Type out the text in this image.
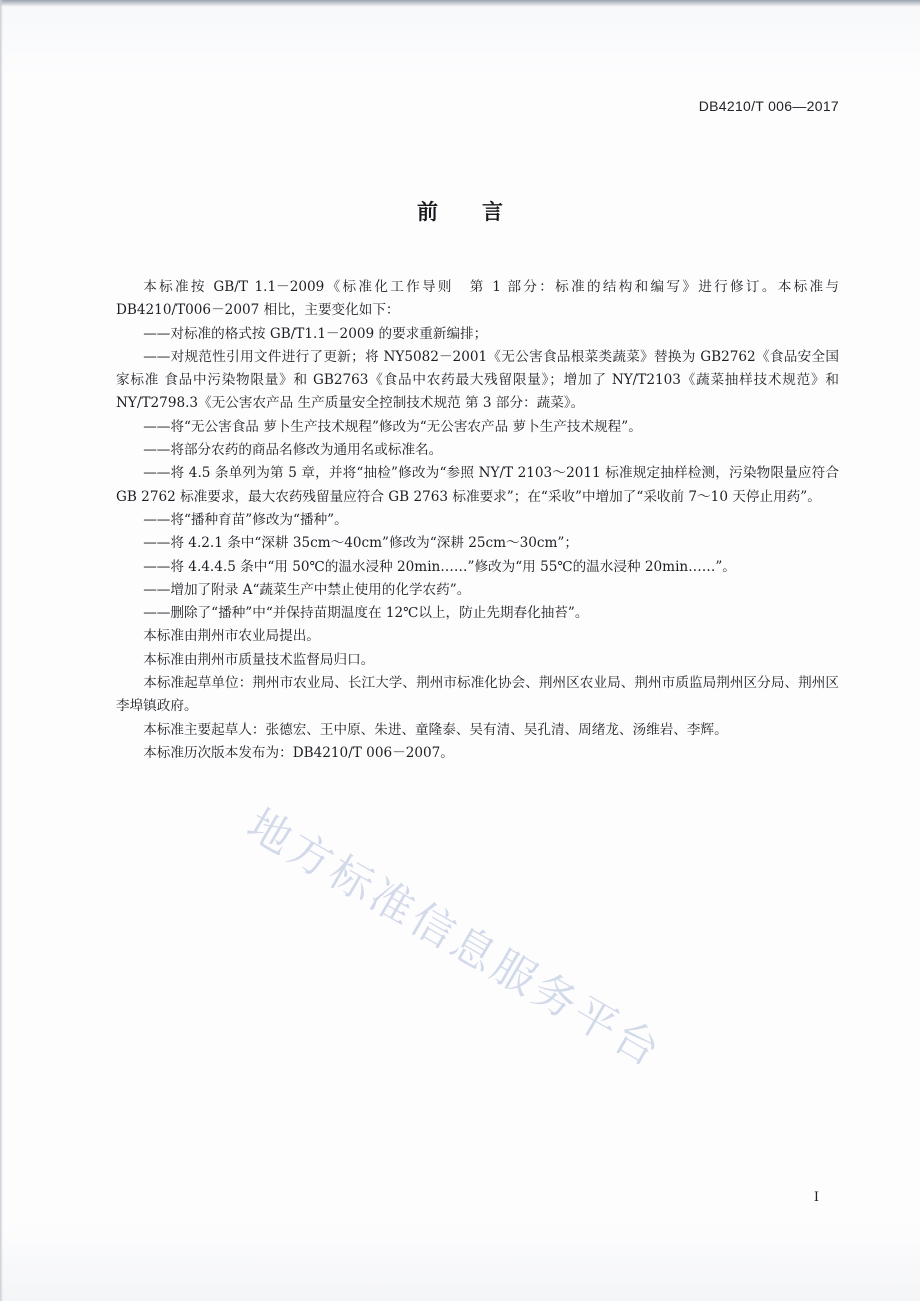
DB4210/T 006—2017
前言

本标准按 GB/T 1.1－2009《标准化工作导则　第 1 部分：标准的结构和编写》进行修订。本标准与 DB4210/T006－2007 相比，主要变化如下：

——对标准的格式按 GB/T1.1－2009 的要求重新编排；

——对规范性引用文件进行了更新；将 NY5082－2001《无公害食品根菜类蔬菜》替换为 GB2762《食品安全国家标准 食品中污染物限量》和 GB2763《食品中农药最大残留限量》；增加了 NY/T2103《蔬菜抽样技术规范》和 NY/T2798.3《无公害农产品 生产质量安全控制技术规范 第 3 部分：蔬菜》。

——将“无公害食品 萝卜生产技术规程”修改为“无公害农产品 萝卜生产技术规程”。

——将部分农药的商品名修改为通用名或标准名。

——将 4.5 条单列为第 5 章，并将“抽检”修改为“参照 NY/T 2103～2011 标准规定抽样检测，污染物限量应符合 GB 2762 标准要求，最大农药残留量应符合 GB 2763 标准要求”；在“采收”中增加了“采收前 7～10 天停止用药”。

——将“播种育苗”修改为“播种”。

——将 4.2.1 条中“深耕 35cm～40cm”修改为“深耕 25cm～30cm”；

——将 4.4.4.5 条中“用 50℃的温水浸种 20min……”修改为“用 55℃的温水浸种 20min……”。

——增加了附录 A“蔬菜生产中禁止使用的化学农药”。

——删除了“播种”中“并保持苗期温度在 12℃以上，防止先期春化抽苔”。

本标准由荆州市农业局提出。

本标准由荆州市质量技术监督局归口。

本标准起草单位：荆州市农业局、长江大学、荆州市标准化协会、荆州区农业局、荆州市质监局荆州区分局、荆州区李埠镇政府。

本标准主要起草人：张德宏、王中原、朱进、童隆泰、吴有清、吴孔清、周绪龙、汤维岩、李辉。

本标准历次版本发布为：DB4210/T 006－2007。

地方标准信息服务平台
I
